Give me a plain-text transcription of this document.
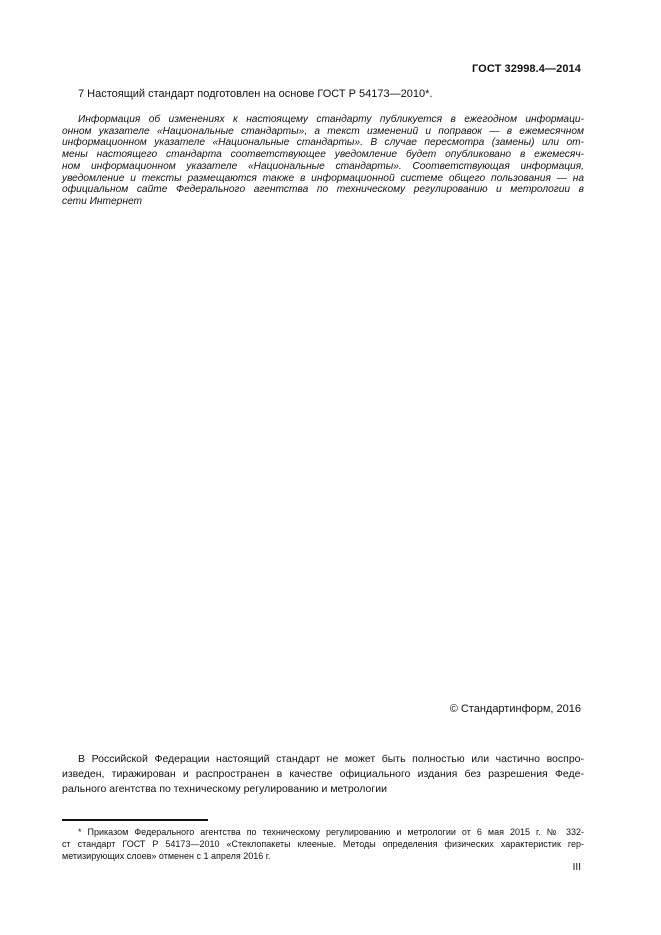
ГОСТ 32998.4—2014
7 Настоящий стандарт подготовлен на основе ГОСТ Р 54173—2010*.
Информация об изменениях к настоящему стандарту публикуется в ежегодном информаци-
онном указателе «Национальные стандарты», а текст изменений и поправок — в ежемесячном
информационном указателе «Национальные стандарты». В случае пересмотра (замены) или от-
мены настоящего стандарта соответствующее уведомление будет опубликовано в ежемесяч-
ном информационном указателе «Национальные стандарты». Соответствующая информация,
уведомление и тексты размещаются также в информационной системе общего пользования — на
официальном сайте Федерального агентства по техническому регулированию и метрологии в
сети Интернет
© Стандартинформ, 2016
В Российской Федерации настоящий стандарт не может быть полностью или частично воспро-
изведен, тиражирован и распространен в качестве официального издания без разрешения Феде-
рального агентства по техническому регулированию и метрологии
* Приказом Федерального агентства по техническому регулированию и метрологии от 6 мая 2015 г. № 332-
ст стандарт ГОСТ Р 54173—2010 «Стеклопакеты клееные. Методы определения физических характеристик гер-
метизирующих слоев» отменен с 1 апреля 2016 г.
III
